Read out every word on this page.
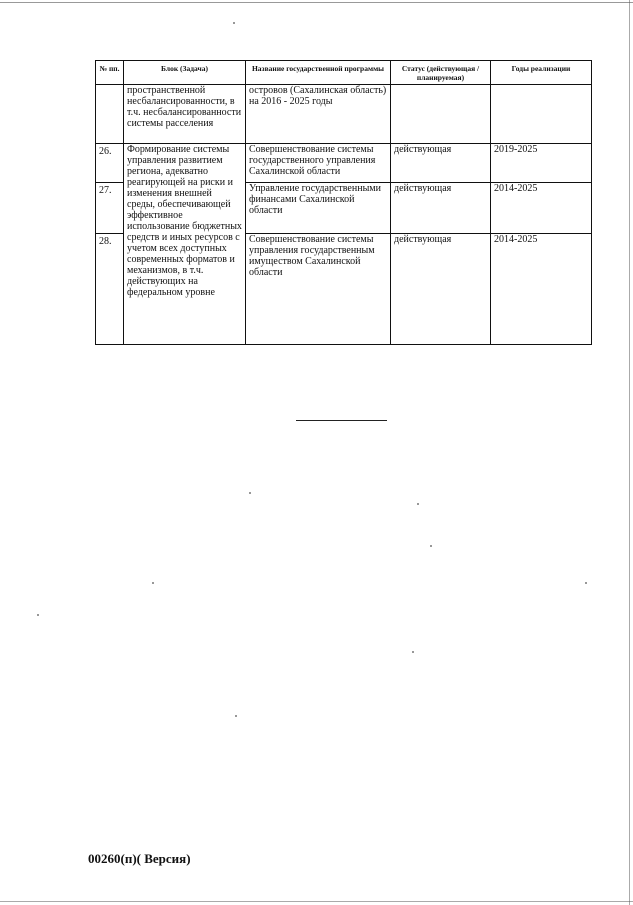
№ пп.	Блок (Задача)	Название государственной программы	Статус (действующая / планируемая)	Годы реализации
	пространственной несбалансированности, в т.ч. несбалансированности системы расселения	островов (Сахалинская область) на 2016 - 2025 годы		
26.	Формирование системы управления развитием региона, адекватно реагирующей на риски и изменения внешней среды, обеспечивающей эффективное использование бюджетных средств и иных ресурсов с учетом всех доступных современных форматов и механизмов, в т.ч. действующих на федеральном уровне	Совершенствование системы государственного управления Сахалинской области	действующая	2019-2025
27.		Управление государственными финансами Сахалинской области	действующая	2014-2025
28.		Совершенствование системы управления государственным имуществом Сахалинской области	действующая	2014-2025
00260(п)( Версия)
